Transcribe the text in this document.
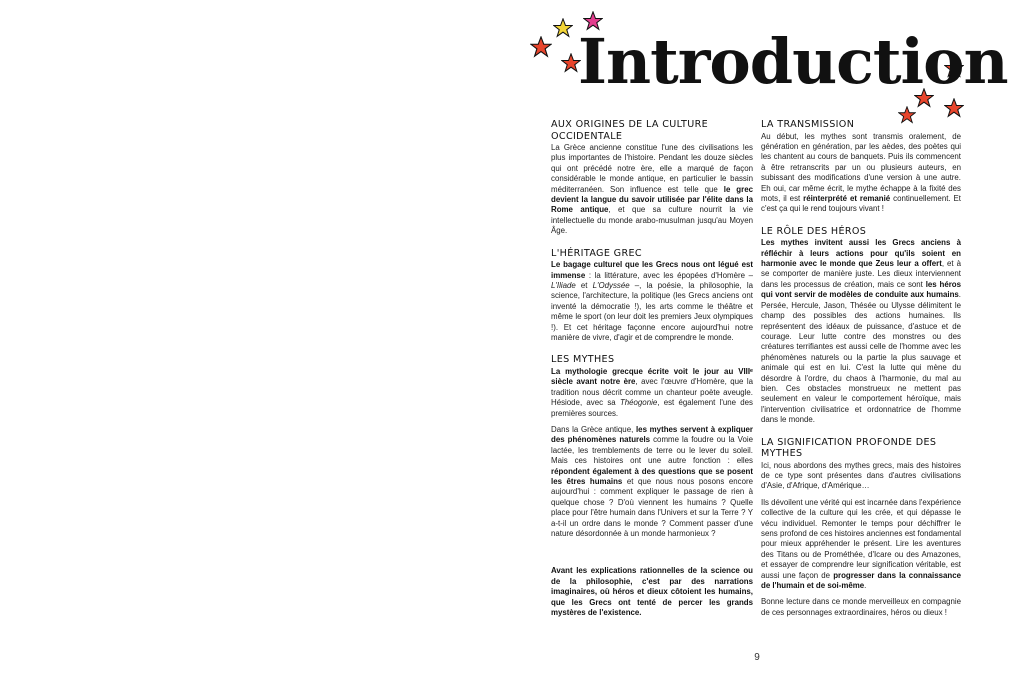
Introduction
AUX ORIGINES DE LA CULTURE OCCIDENTALE

La Grèce ancienne constitue l'une des civilisations les plus importantes de l'histoire. Pendant les douze siècles qui ont précédé notre ère, elle a marqué de façon considérable le monde antique, en particulier le bassin méditerranéen. Son influence est telle que le grec devient la langue du savoir utilisée par l'élite dans la Rome antique, et que sa culture nourrit la vie intellectuelle du monde arabo-musulman jusqu'au Moyen Âge.

L'HÉRITAGE GREC

Le bagage culturel que les Grecs nous ont légué est immense : la littérature, avec les épopées d'Homère – L'Iliade et L'Odyssée –, la poésie, la philosophie, la science, l'architecture, la politique (les Grecs anciens ont inventé la démocratie !), les arts comme le théâtre et même le sport (on leur doit les premiers Jeux olympiques !). Et cet héritage façonne encore aujourd'hui notre manière de vivre, d'agir et de comprendre le monde.

LES MYTHES

La mythologie grecque écrite voit le jour au VIIIᵉ siècle avant notre ère, avec l'œuvre d'Homère, que la tradition nous décrit comme un chanteur poète aveugle. Hésiode, avec sa Théogonie, est également l'une des premières sources.

Dans la Grèce antique, les mythes servent à expliquer des phénomènes naturels comme la foudre ou la Voie lactée, les tremblements de terre ou le lever du soleil. Mais ces histoires ont une autre fonction : elles répondent également à des questions que se posent les êtres humains et que nous nous posons encore aujourd'hui : comment expliquer le passage de rien à quelque chose ? D'où viennent les humains ? Quelle place pour l'être humain dans l'Univers et sur la Terre ? Y a-t-il un ordre dans le monde ? Comment passer d'une nature désordonnée à un monde harmonieux ?

Avant les explications rationnelles de la science ou de la philosophie, c'est par des narrations imaginaires, où héros et dieux côtoient les humains, que les Grecs ont tenté de percer les grands mystères de l'existence.

LA TRANSMISSION

Au début, les mythes sont transmis oralement, de génération en génération, par les aèdes, des poètes qui les chantent au cours de banquets. Puis ils commencent à être retranscrits par un ou plusieurs auteurs, en subissant des modifications d'une version à une autre. Eh oui, car même écrit, le mythe échappe à la fixité des mots, il est réinterprété et remanié continuellement. Et c'est ça qui le rend toujours vivant !

LE RÔLE DES HÉROS

Les mythes invitent aussi les Grecs anciens à réfléchir à leurs actions pour qu'ils soient en harmonie avec le monde que Zeus leur a offert, et à se comporter de manière juste. Les dieux interviennent dans les processus de création, mais ce sont les héros qui vont servir de modèles de conduite aux humains. Persée, Hercule, Jason, Thésée ou Ulysse délimitent le champ des possibles des actions humaines. Ils représentent des idéaux de puissance, d'astuce et de courage. Leur lutte contre des monstres ou des créatures terrifiantes est aussi celle de l'homme avec les phénomènes naturels ou la partie la plus sauvage et animale qui est en lui. C'est la lutte qui mène du désordre à l'ordre, du chaos à l'harmonie, du mal au bien. Ces obstacles monstrueux ne mettent pas seulement en valeur le comportement héroïque, mais l'intervention civilisatrice et ordonnatrice de l'homme dans le monde.

LA SIGNIFICATION PROFONDE DES MYTHES

Ici, nous abordons des mythes grecs, mais des histoires de ce type sont présentes dans d'autres civilisations d'Asie, d'Afrique, d'Amérique…

Ils dévoilent une vérité qui est incarnée dans l'expérience collective de la culture qui les crée, et qui dépasse le vécu individuel. Remonter le temps pour déchiffrer le sens profond de ces histoires anciennes est fondamental pour mieux appréhender le présent. Lire les aventures des Titans ou de Prométhée, d'Icare ou des Amazones, et essayer de comprendre leur signification véritable, est aussi une façon de progresser dans la connaissance de l'humain et de soi-même.

Bonne lecture dans ce monde merveilleux en compagnie de ces personnages extraordinaires, héros ou dieux !

9
